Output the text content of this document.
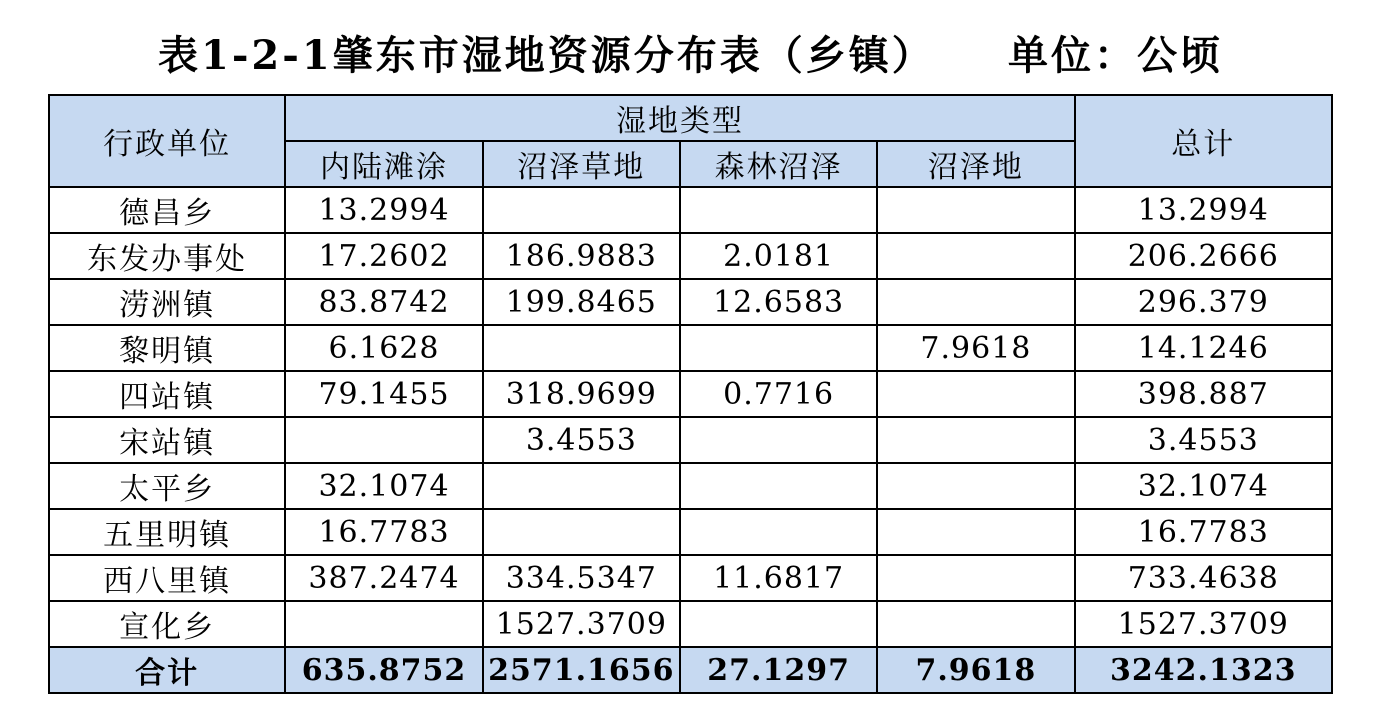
表1-2-1肇东市湿地资源分布表（乡镇） 单位：公顷
行政单位	湿地类型				总计
	内陆滩涂	沼泽草地	森林沼泽	沼泽地	
德昌乡	13.2994				13.2994
东发办事处	17.2602	186.9883	2.0181		206.2666
涝洲镇	83.8742	199.8465	12.6583		296.379
黎明镇	6.1628			7.9618	14.1246
四站镇	79.1455	318.9699	0.7716		398.887
宋站镇		3.4553			3.4553
太平乡	32.1074				32.1074
五里明镇	16.7783				16.7783
西八里镇	387.2474	334.5347	11.6817		733.4638
宣化乡		1527.3709			1527.3709
合计	635.8752	2571.1656	27.1297	7.9618	3242.1323
